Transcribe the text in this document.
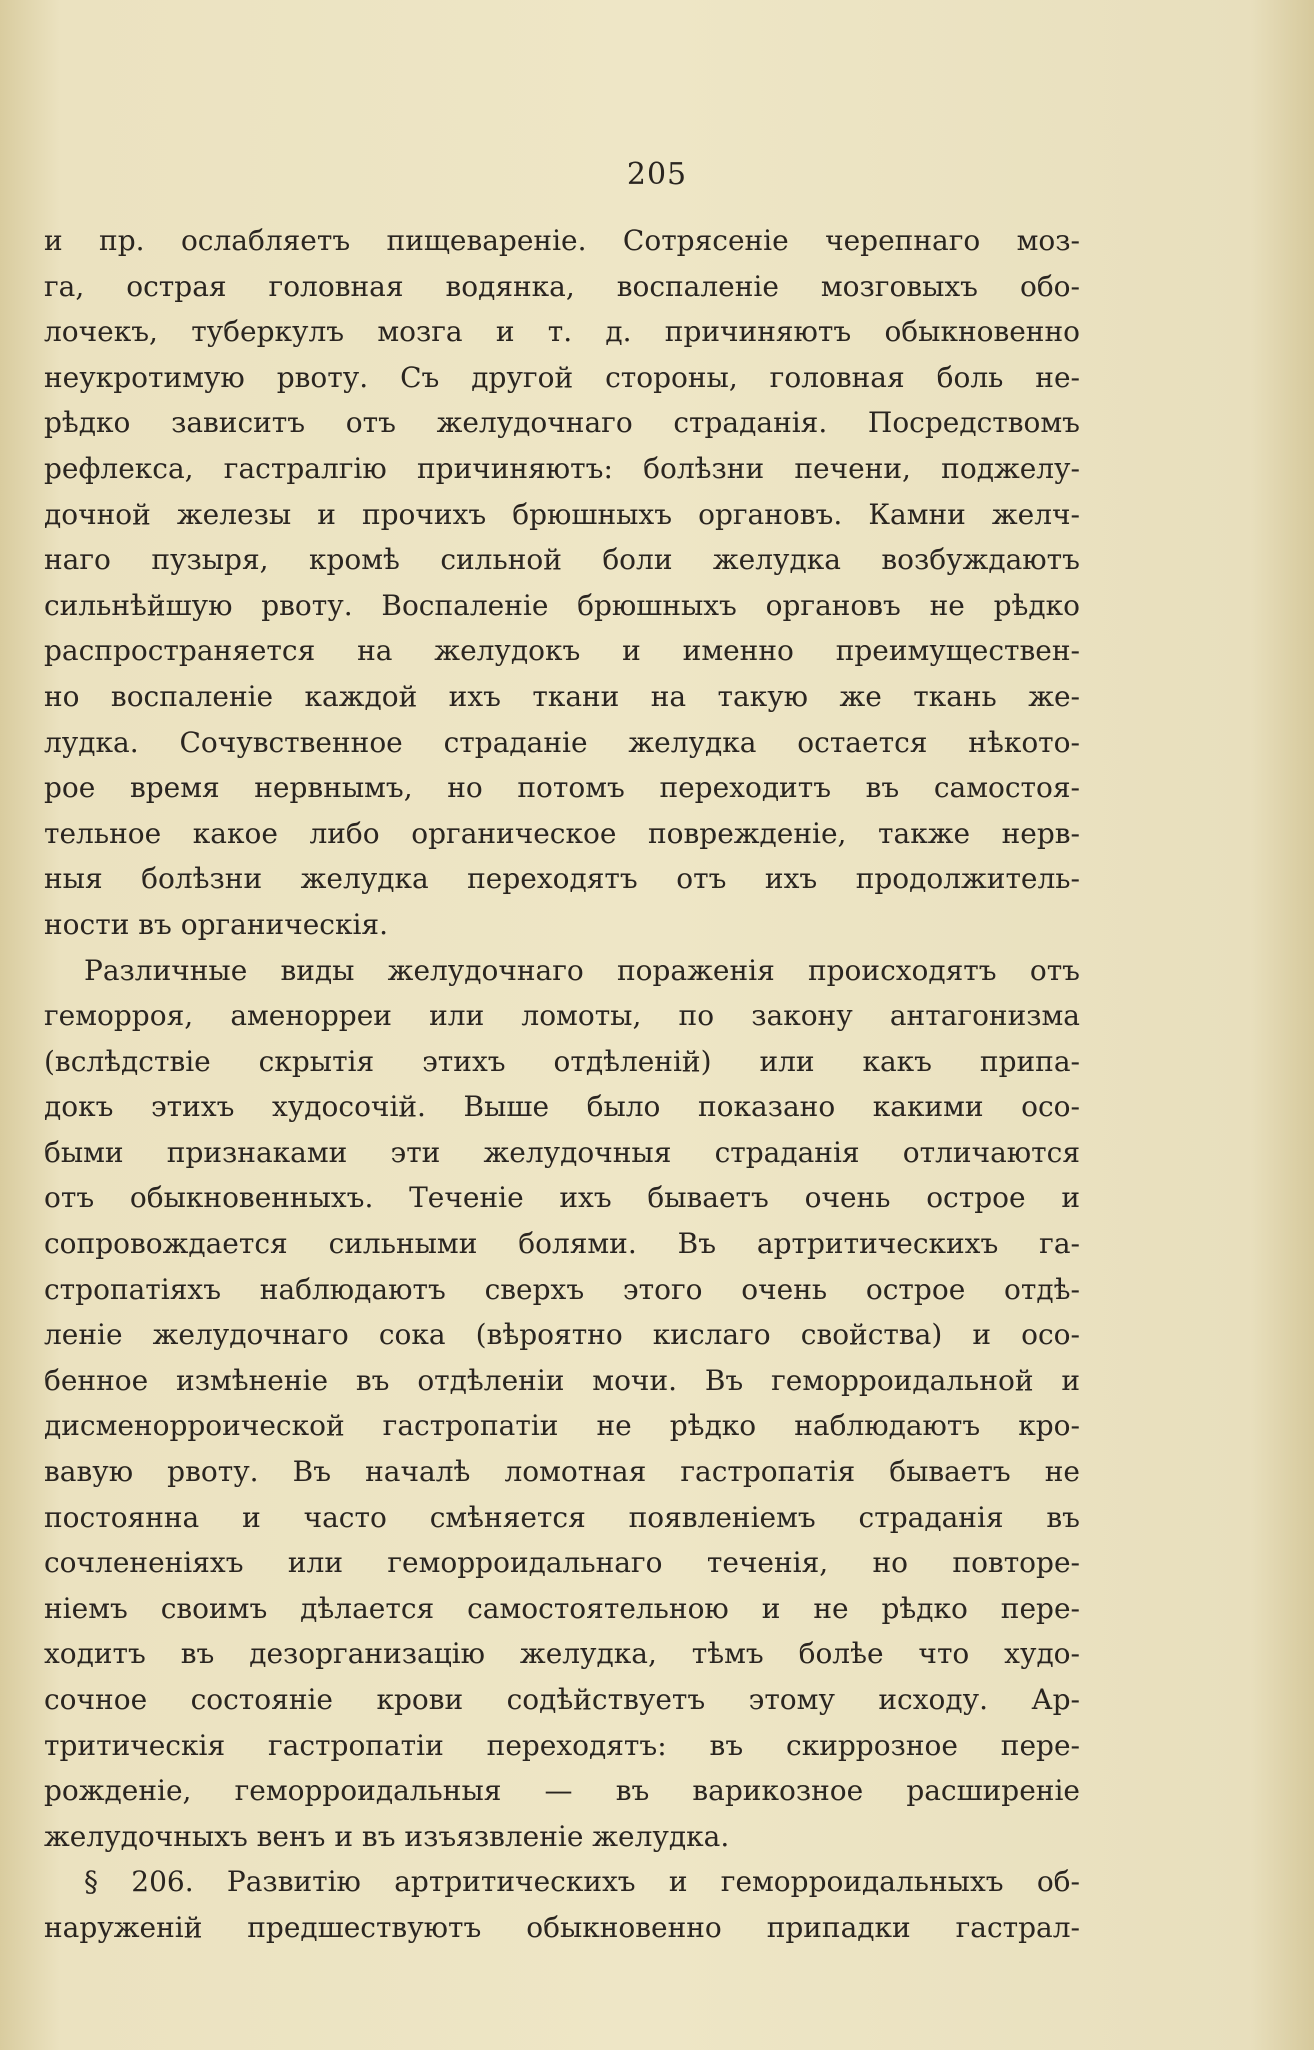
205

и пр. ослабляетъ пищевареніе. Сотрясеніе черепнаго моз-
га, острая головная водянка, воспаленіе мозговыхъ обо-
лочекъ, туберкулъ мозга и т. д. причиняютъ обыкновенно
неукротимую рвоту. Съ другой стороны, головная боль не-
рѣдко зависитъ отъ желудочнаго страданія. Посредствомъ
рефлекса, гастралгію причиняютъ: болѣзни печени, поджелу-
дочной железы и прочихъ брюшныхъ органовъ. Камни желч-
наго пузыря, кромѣ сильной боли желудка возбуждаютъ
сильнѣйшую рвоту. Воспаленіе брюшныхъ органовъ не рѣдко
распространяется на желудокъ и именно преимуществен-
но воспаленіе каждой ихъ ткани на такую же ткань же-
лудка. Сочувственное страданіе желудка остается нѣкото-
рое время нервнымъ, но потомъ переходитъ въ самостоя-
тельное какое либо органическое поврежденіе, также нерв-
ныя болѣзни желудка переходятъ отъ ихъ продолжитель-
ности въ органическія.

Различные виды желудочнаго пораженія происходятъ отъ
геморроя, аменорреи или ломоты, по закону антагонизма
(вслѣдствіе скрытія этихъ отдѣленій) или какъ припа-
докъ этихъ худосочій. Выше было показано какими осо-
быми признаками эти желудочныя страданія отличаются
отъ обыкновенныхъ. Теченіе ихъ бываетъ очень острое и
сопровождается сильными болями. Въ артритическихъ га-
стропатіяхъ наблюдаютъ сверхъ этого очень острое отдѣ-
леніе желудочнаго сока (вѣроятно кислаго свойства) и осо-
бенное измѣненіе въ отдѣленіи мочи. Въ геморроидальной и
дисменорроической гастропатіи не рѣдко наблюдаютъ кро-
вавую рвоту. Въ началѣ ломотная гастропатія бываетъ не
постоянна и часто смѣняется появленіемъ страданія въ
сочлененіяхъ или геморроидальнаго теченія, но повторе-
ніемъ своимъ дѣлается самостоятельною и не рѣдко пере-
ходитъ въ дезорганизацію желудка, тѣмъ болѣе что худо-
сочное состояніе крови содѣйствуетъ этому исходу. Ар-
тритическія гастропатіи переходятъ: въ скиррозное пере-
рожденіе, геморроидальныя — въ варикозное расширеніе
желудочныхъ венъ и въ изъязвленіе желудка.

§ 206. Развитію артритическихъ и геморроидальныхъ об-
наруженій предшествуютъ обыкновенно припадки гастрал-
